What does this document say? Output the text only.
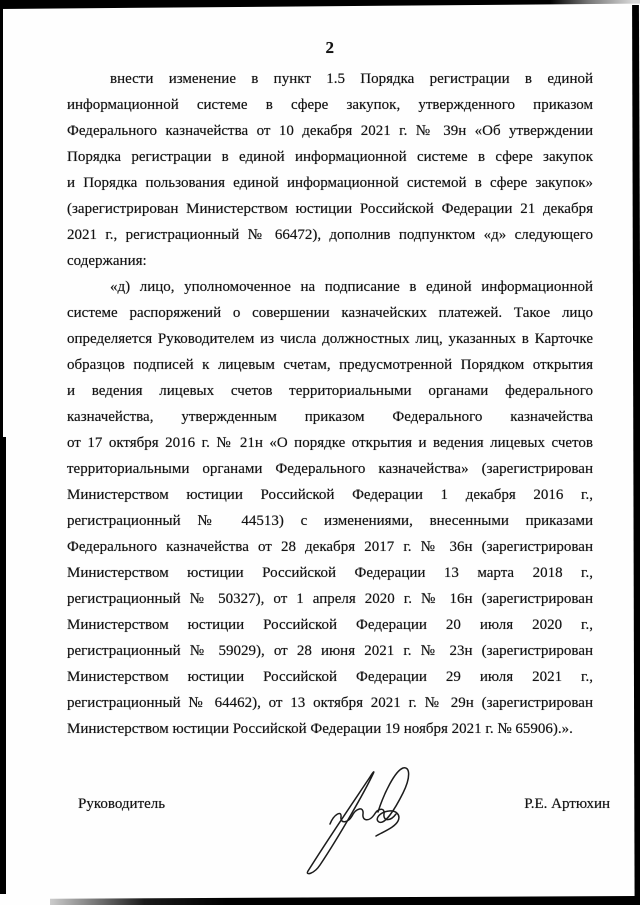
2
внести изменение в пункт 1.5 Порядка регистрации в единой
информационной системе в сфере закупок, утвержденного приказом
Федерального казначейства от 10 декабря 2021 г. № 39н «Об утверждении
Порядка регистрации в единой информационной системе в сфере закупок
и Порядка пользования единой информационной системой в сфере закупок»
(зарегистрирован Министерством юстиции Российской Федерации 21 декабря
2021 г., регистрационный № 66472), дополнив подпунктом «д» следующего
содержания:
«д) лицо, уполномоченное на подписание в единой информационной
системе распоряжений о совершении казначейских платежей. Такое лицо
определяется Руководителем из числа должностных лиц, указанных в Карточке
образцов подписей к лицевым счетам, предусмотренной Порядком открытия
и ведения лицевых счетов территориальными органами федерального
казначейства, утвержденным приказом Федерального казначейства
от 17 октября 2016 г. № 21н «О порядке открытия и ведения лицевых счетов
территориальными органами Федерального казначейства» (зарегистрирован
Министерством юстиции Российской Федерации 1 декабря 2016 г.,
регистрационный № 44513) с изменениями, внесенными приказами
Федерального казначейства от 28 декабря 2017 г. № 36н (зарегистрирован
Министерством юстиции Российской Федерации 13 марта 2018 г.,
регистрационный № 50327), от 1 апреля 2020 г. № 16н (зарегистрирован
Министерством юстиции Российской Федерации 20 июля 2020 г.,
регистрационный № 59029), от 28 июня 2021 г. № 23н (зарегистрирован
Министерством юстиции Российской Федерации 29 июля 2021 г.,
регистрационный № 64462), от 13 октября 2021 г. № 29н (зарегистрирован
Министерством юстиции Российской Федерации 19 ноября 2021 г. № 65906).».
Руководитель	Р.Е. Артюхин
